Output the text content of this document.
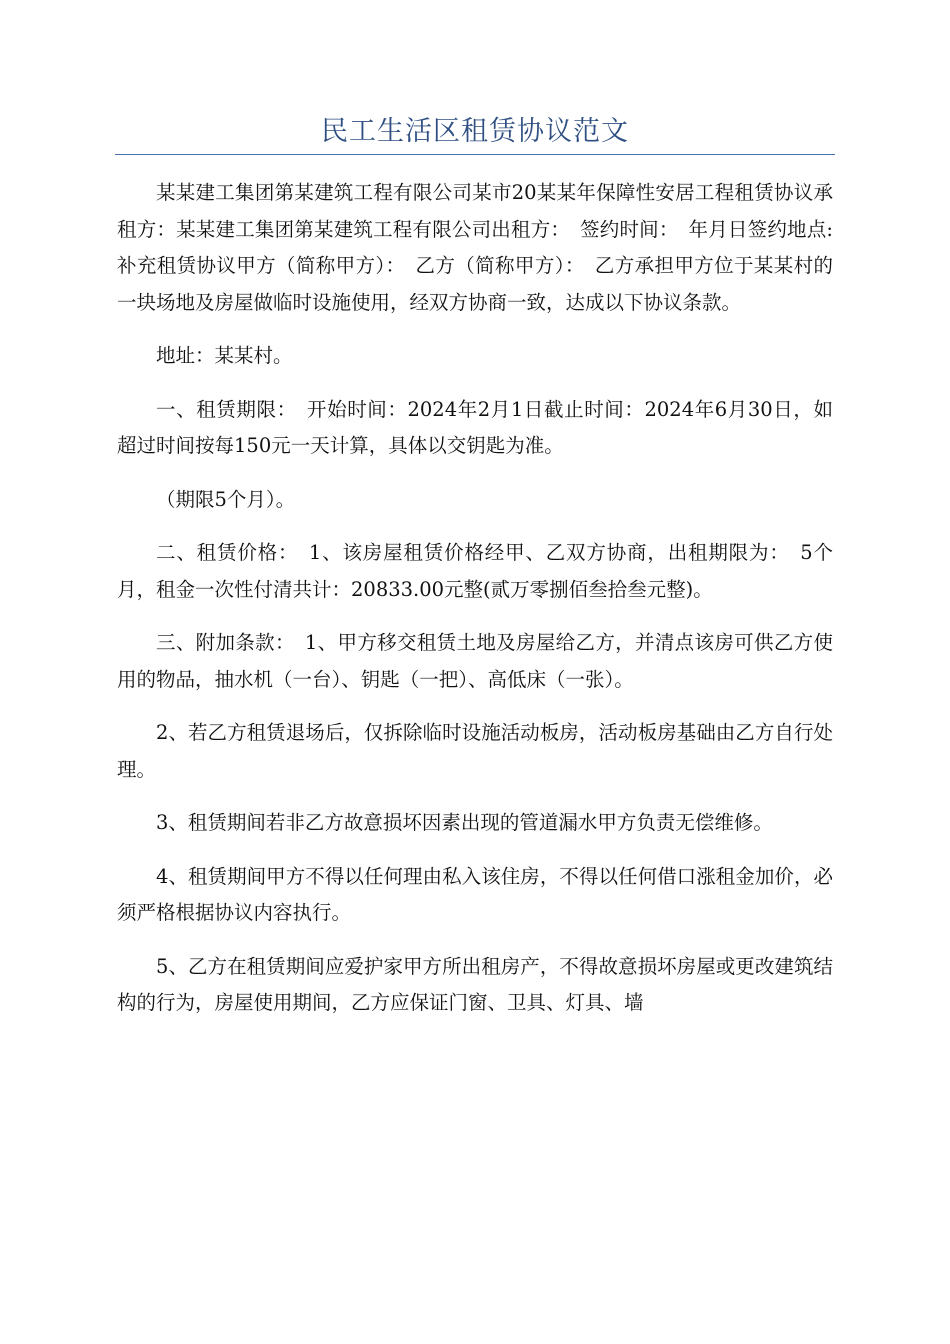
民工生活区租赁协议范文

某某建工集团第某建筑工程有限公司某市20某某年保障性安居工程租赁协议承租方：某某建工集团第某建筑工程有限公司出租方：　签约时间：　年月日签约地点:补充租赁协议甲方（简称甲方）：　乙方（简称甲方）：　乙方承担甲方位于某某村的一块场地及房屋做临时设施使用，经双方协商一致，达成以下协议条款。

地址：某某村。

一、租赁期限：　开始时间：2024年2月1日截止时间：2024年6月30日，如超过时间按每150元一天计算，具体以交钥匙为准。

（期限5个月）。

二、租赁价格：　1、该房屋租赁价格经甲、乙双方协商，出租期限为：　5个月，租金一次性付清共计：20833.00元整(贰万零捌佰叁拾叁元整)。

三、附加条款：　1、甲方移交租赁土地及房屋给乙方，并清点该房可供乙方使用的物品，抽水机（一台）、钥匙（一把）、高低床（一张）。

2、若乙方租赁退场后，仅拆除临时设施活动板房，活动板房基础由乙方自行处理。

3、租赁期间若非乙方故意损坏因素出现的管道漏水甲方负责无偿维修。

4、租赁期间甲方不得以任何理由私入该住房，不得以任何借口涨租金加价，必须严格根据协议内容执行。

5、乙方在租赁期间应爱护家甲方所出租房产，不得故意损坏房屋或更改建筑结构的行为，房屋使用期间，乙方应保证门窗、卫具、灯具、墙
